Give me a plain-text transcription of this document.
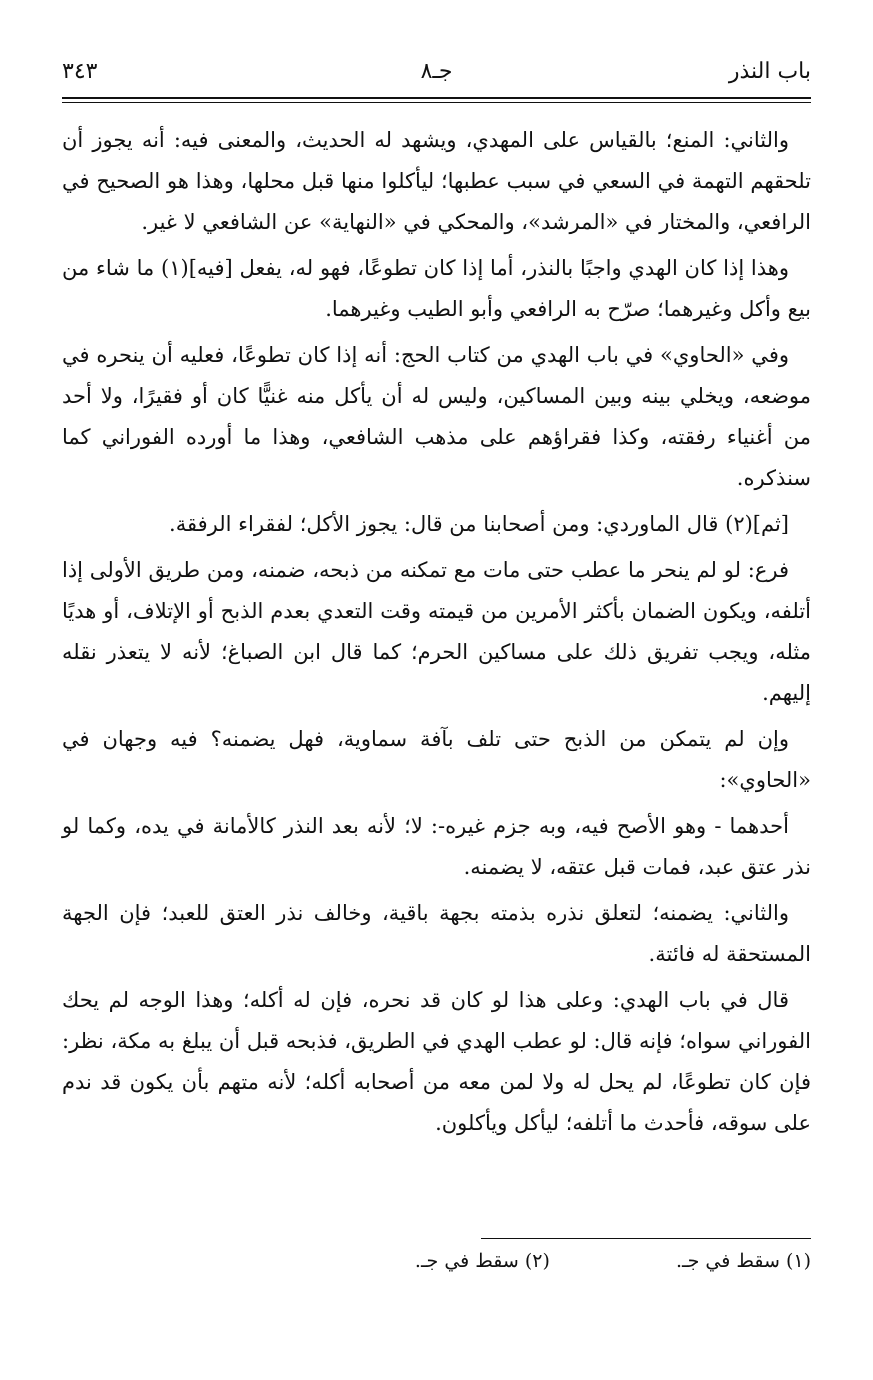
باب النذر
جـ٨
٣٤٣

والثاني: المنع؛ بالقياس على المهدي، ويشهد له الحديث، والمعنى فيه: أنه يجوز أن تلحقهم التهمة في السعي في سبب عطبها؛ ليأكلوا منها قبل محلها، وهذا هو الصحيح في الرافعي، والمختار في «المرشد»، والمحكي في «النهاية» عن الشافعي لا غير.

وهذا إذا كان الهدي واجبًا بالنذر، أما إذا كان تطوعًا، فهو له، يفعل [فيه](١) ما شاء من بيع وأكل وغيرهما؛ صرّح به الرافعي وأبو الطيب وغيرهما.

وفي «الحاوي» في باب الهدي من كتاب الحج: أنه إذا كان تطوعًا، فعليه أن ينحره في موضعه، ويخلي بينه وبين المساكين، وليس له أن يأكل منه غنيًّا كان أو فقيرًا، ولا أحد من أغنياء رفقته، وكذا فقراؤهم على مذهب الشافعي، وهذا ما أورده الفوراني كما سنذكره.

[ثم](٢) قال الماوردي: ومن أصحابنا من قال: يجوز الأكل؛ لفقراء الرفقة.

فرع: لو لم ينحر ما عطب حتى مات مع تمكنه من ذبحه، ضمنه، ومن طريق الأولى إذا أتلفه، ويكون الضمان بأكثر الأمرين من قيمته وقت التعدي بعدم الذبح أو الإتلاف، أو هديًا مثله، ويجب تفريق ذلك على مساكين الحرم؛ كما قال ابن الصباغ؛ لأنه لا يتعذر نقله إليهم.

وإن لم يتمكن من الذبح حتى تلف بآفة سماوية، فهل يضمنه؟ فيه وجهان في «الحاوي»:

أحدهما - وهو الأصح فيه، وبه جزم غيره-: لا؛ لأنه بعد النذر كالأمانة في يده، وكما لو نذر عتق عبد، فمات قبل عتقه، لا يضمنه.

والثاني: يضمنه؛ لتعلق نذره بذمته بجهة باقية، وخالف نذر العتق للعبد؛ فإن الجهة المستحقة له فائتة.

قال في باب الهدي: وعلى هذا لو كان قد نحره، فإن له أكله؛ وهذا الوجه لم يحك الفوراني سواه؛ فإنه قال: لو عطب الهدي في الطريق، فذبحه قبل أن يبلغ به مكة، نظر: فإن كان تطوعًا، لم يحل له ولا لمن معه من أصحابه أكله؛ لأنه متهم بأن يكون قد ندم على سوقه، فأحدث ما أتلفه؛ ليأكل ويأكلون.

(١) سقط في جـ. (٢) سقط في جـ.
